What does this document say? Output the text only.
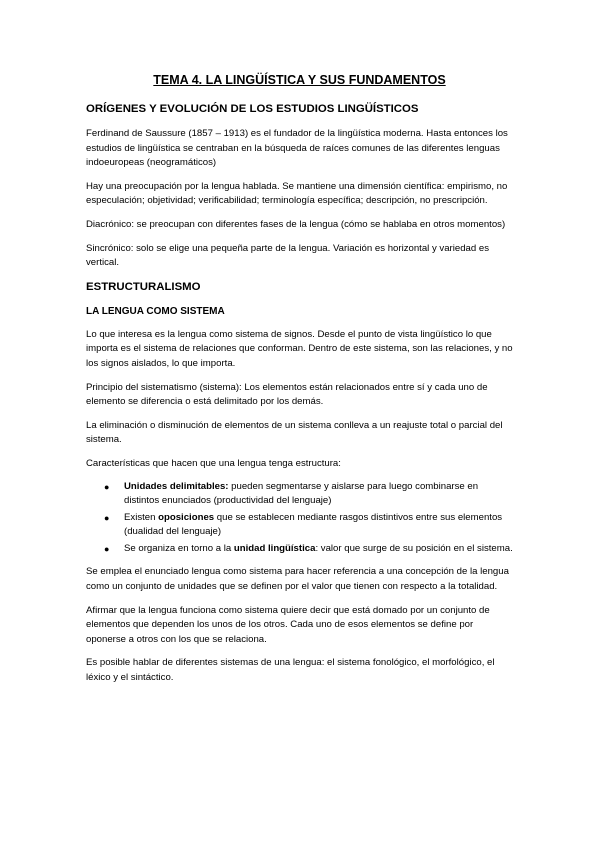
TEMA 4. LA LINGÜÍSTICA Y SUS FUNDAMENTOS
ORÍGENES Y EVOLUCIÓN DE LOS ESTUDIOS LINGÜÍSTICOS

Ferdinand de Saussure (1857 – 1913) es el fundador de la lingüística moderna. Hasta entonces los estudios de lingüística se centraban en la búsqueda de raíces comunes de las diferentes lenguas indoeuropeas (neogramáticos)

Hay una preocupación por la lengua hablada. Se mantiene una dimensión científica: empirismo, no especulación; objetividad; verificabilidad; terminología específica; descripción, no prescripción.

Diacrónico: se preocupan con diferentes fases de la lengua (cómo se hablaba en otros momentos)

Sincrónico: solo se elige una pequeña parte de la lengua. Variación es horizontal y variedad es vertical.

ESTRUCTURALISMO
LA LENGUA COMO SISTEMA

Lo que interesa es la lengua como sistema de signos. Desde el punto de vista lingüístico lo que importa es el sistema de relaciones que conforman. Dentro de este sistema, son las relaciones, y no los signos aislados, lo que importa.

Principio del sistematismo (sistema): Los elementos están relacionados entre sí y cada uno de elemento se diferencia o está delimitado por los demás.

La eliminación o disminución de elementos de un sistema conlleva a un reajuste total o parcial del sistema.

Características que hacen que una lengua tenga estructura:

● Unidades delimitables: pueden segmentarse y aislarse para luego combinarse en distintos enunciados (productividad del lenguaje)
● Existen oposiciones que se establecen mediante rasgos distintivos entre sus elementos (dualidad del lenguaje)
● Se organiza en torno a la unidad lingüística: valor que surge de su posición en el sistema.

Se emplea el enunciado lengua como sistema para hacer referencia a una concepción de la lengua como un conjunto de unidades que se definen por el valor que tienen con respecto a la totalidad.

Afirmar que la lengua funciona como sistema quiere decir que está domado por un conjunto de elementos que dependen los unos de los otros. Cada uno de esos elementos se define por oponerse a otros con los que se relaciona.

Es posible hablar de diferentes sistemas de una lengua: el sistema fonológico, el morfológico, el léxico y el sintáctico.
